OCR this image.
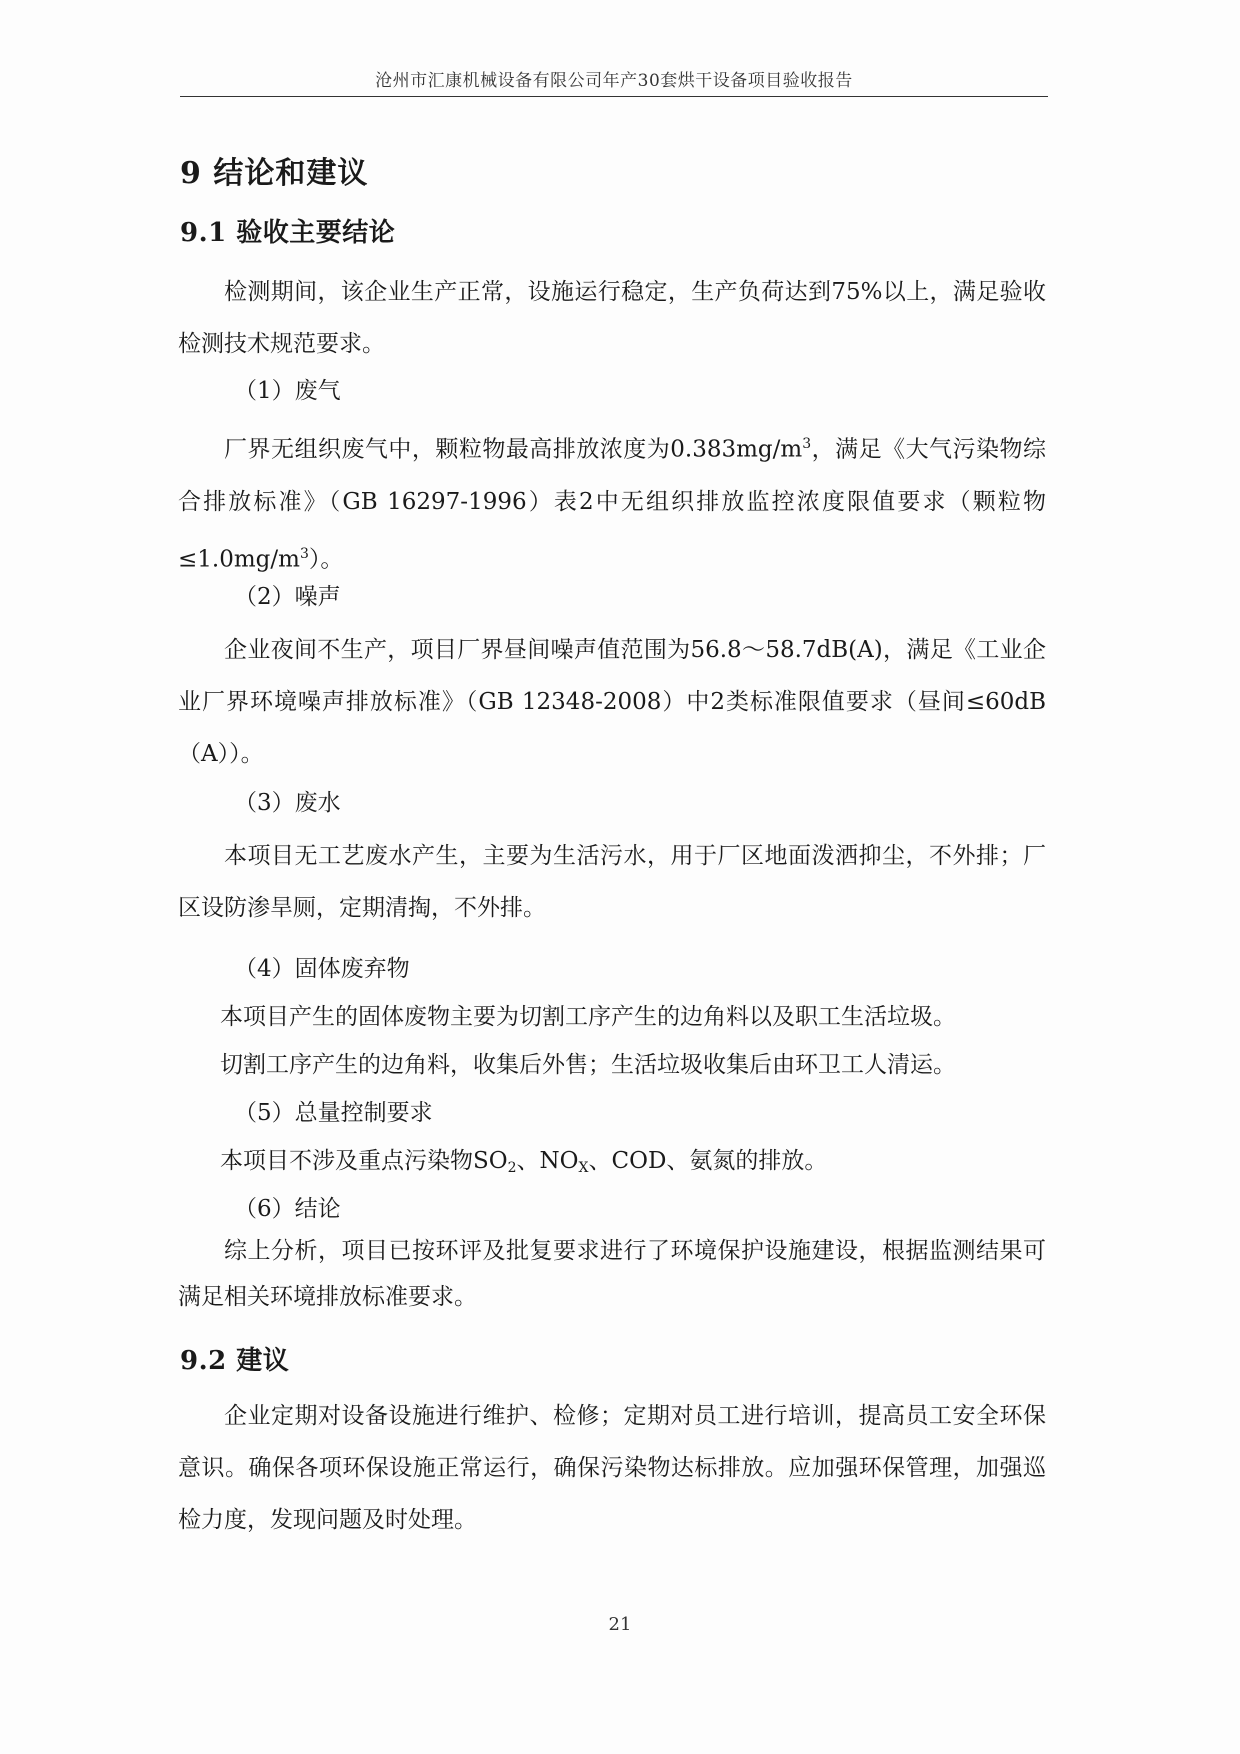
沧州市汇康机械设备有限公司年产30套烘干设备项目验收报告
9 结论和建议
9.1 验收主要结论
检测期间，该企业生产正常，设施运行稳定，生产负荷达到75%以上，满足验收检测技术规范要求。
（1）废气
厂界无组织废气中，颗粒物最高排放浓度为$0.383mg/m^3$，满足《大气污染物综合排放标准》（GB 16297-1996）表2中无组织排放监控浓度限值要求（颗粒物$\le 1.0mg/m^3$）。
（2）噪声
企业夜间不生产，项目厂界昼间噪声值范围为56.8～58.7dB(A)，满足《工业企业厂界环境噪声排放标准》（GB 12348-2008）中2类标准限值要求（昼间≤60dB（A））。
（3）废水
本项目无工艺废水产生，主要为生活污水，用于厂区地面泼洒抑尘，不外排；厂区设防渗旱厕，定期清掏，不外排。
（4）固体废弃物
本项目产生的固体废物主要为切割工序产生的边角料以及职工生活垃圾。
切割工序产生的边角料，收集后外售；生活垃圾收集后由环卫工人清运。
（5）总量控制要求
本项目不涉及重点污染物$SO_2$、$NO_X$、COD、氨氮的排放。
（6）结论
综上分析，项目已按环评及批复要求进行了环境保护设施建设，根据监测结果可满足相关环境排放标准要求。
9.2 建议
企业定期对设备设施进行维护、检修；定期对员工进行培训，提高员工安全环保意识。确保各项环保设施正常运行，确保污染物达标排放。应加强环保管理，加强巡检力度，发现问题及时处理。
21
